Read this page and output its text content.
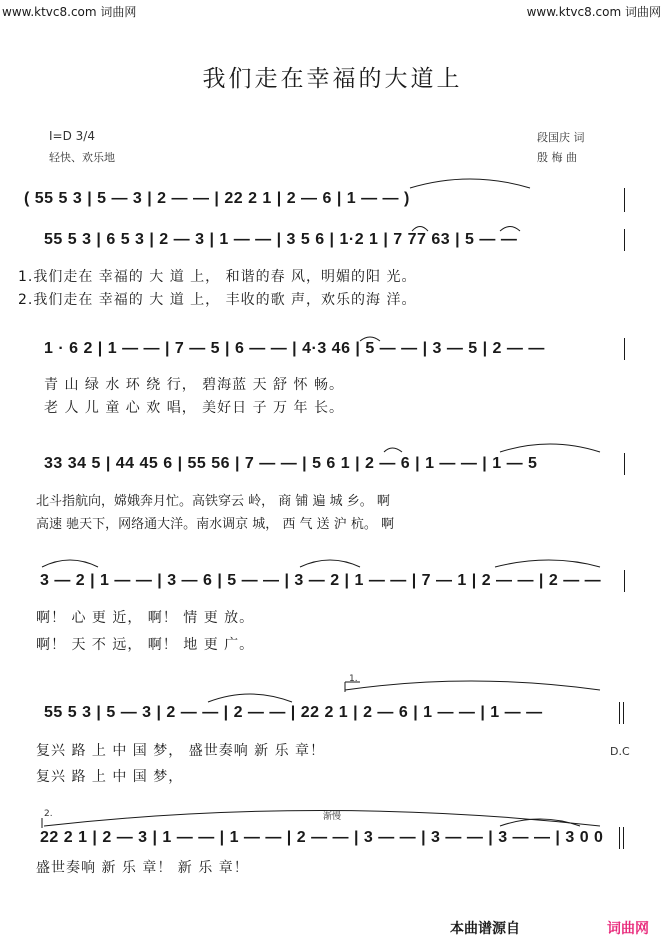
www.ktvc8.com 词曲网	www.ktvc8.com 词曲网
我们走在幸福的大道上
I=D 3/4
轻快、欢乐地
段国庆 词
殷 梅 曲
( 55 5 3 | 5 — 3 | 2 — — | 22 2 1 | 2 — 6 | 1 — — )
55 5 3 | 6 5 3 | 2 — 3 | 1 — — | 3 5 6 | 1·2 1 | 7 77 63 | 5 — —
1.我们走在 幸福的 大 道 上， 和谐的春 风，明媚的阳 光。
2.我们走在 幸福的 大 道 上， 丰收的歌 声，欢乐的海 洋。
1 · 6 2 | 1 — — | 7 — 5 | 6 — — | 4·3 46 | 5 — — | 3 — 5 | 2 — —
青 山 绿 水 环 绕 行， 碧海蓝 天 舒 怀 畅。
老 人 儿 童 心 欢 唱， 美好日 子 万 年 长。
33 34 5 | 44 45 6 | 55 56 | 7 — — | 5 6 1 | 2 — 6 | 1 — — | 1 — 5
北斗指航向，嫦娥奔月忙。高铁穿云 岭， 商 铺 遍 城 乡。 啊
高速 驰天下，网络通大洋。南水调京 城， 西 气 送 沪 杭。 啊
3 — 2 | 1 — — | 3 — 6 | 5 — — | 3 — 2 | 1 — — | 7 — 1 | 2 — — | 2 — —
啊！ 心 更 近， 啊！ 情 更 放。
啊！ 天 不 远， 啊！ 地 更 广。
55 5 3 | 5 — 3 | 2 — — | 2 — — | 22 2 1 | 2 — 6 | 1 — — | 1 — —
1.
复兴 路 上 中 国 梦， 盛世奏响 新 乐 章！
复兴 路 上 中 国 梦，
D.C
2.	渐慢
22 2 1 | 2 — 3 | 1 — — | 1 — — | 2 — — | 3 — — | 3 — — | 3 — — | 3 0 0
盛世奏响 新 乐 章！ 新 乐 章！
本曲谱源自	词曲网
